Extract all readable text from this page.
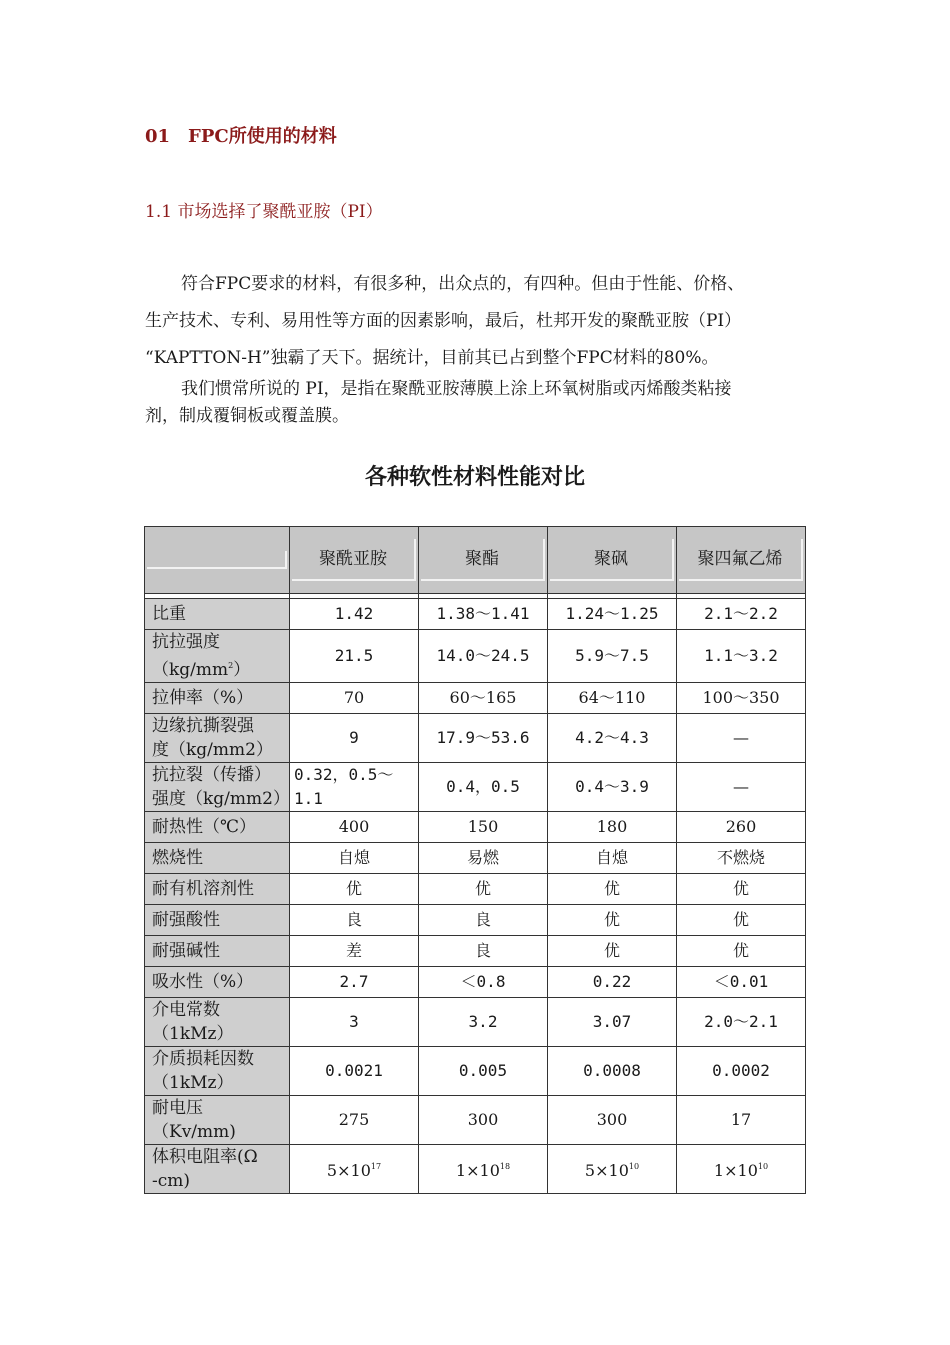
01　FPC所使用的材料
1.1 市场选择了聚酰亚胺（PI）
符合FPC要求的材料，有很多种，出众点的，有四种。但由于性能、价格、
生产技术、专利、易用性等方面的因素影响，最后，杜邦开发的聚酰亚胺（PI）
“KAPTTON-H”独霸了天下。据统计，目前其已占到整个FPC材料的80%。
我们惯常所说的 PI，是指在聚酰亚胺薄膜上涂上环氧树脂或丙烯酸类粘接
剂，制成覆铜板或覆盖膜。
各种软性材料性能对比

	聚酰亚胺	聚酯	聚砜	聚四氟乙烯

比重	1.42	1.38～1.41	1.24～1.25	2.1～2.2
抗拉强度
$(kg/mm^2)$	21.5	14.0～24.5	5.9～7.5	1.1～3.2
拉伸率（%）	70	60～165	64～110	100～350
边缘抗撕裂强
度（kg/mm2）	9	17.9～53.6	4.2～4.3	—
抗拉裂（传播）
强度（kg/mm2）	0.32，0.5～
1.1	0.4，0.5	0.4～3.9	—
耐热性（℃）	400	150	180	260
燃烧性	自熄	易燃	自熄	不燃烧
耐有机溶剂性	优	优	优	优
耐强酸性	良	良	优	优
耐强碱性	差	良	优	优
吸水性（%）	2.7	＜0.8	0.22	＜0.01
介电常数
（1kMz）	3	3.2	3.07	2.0～2.1
介质损耗因数
（1kMz）	0.0021	0.005	0.0008	0.0002
耐电压（Kv/mm)	275	300	300	17
体积电阻率(Ω
-cm)	$5\times 10^{17}$	$1\times 10^{18}$	$5\times 10^{10}$	$1\times 10^{10}$
